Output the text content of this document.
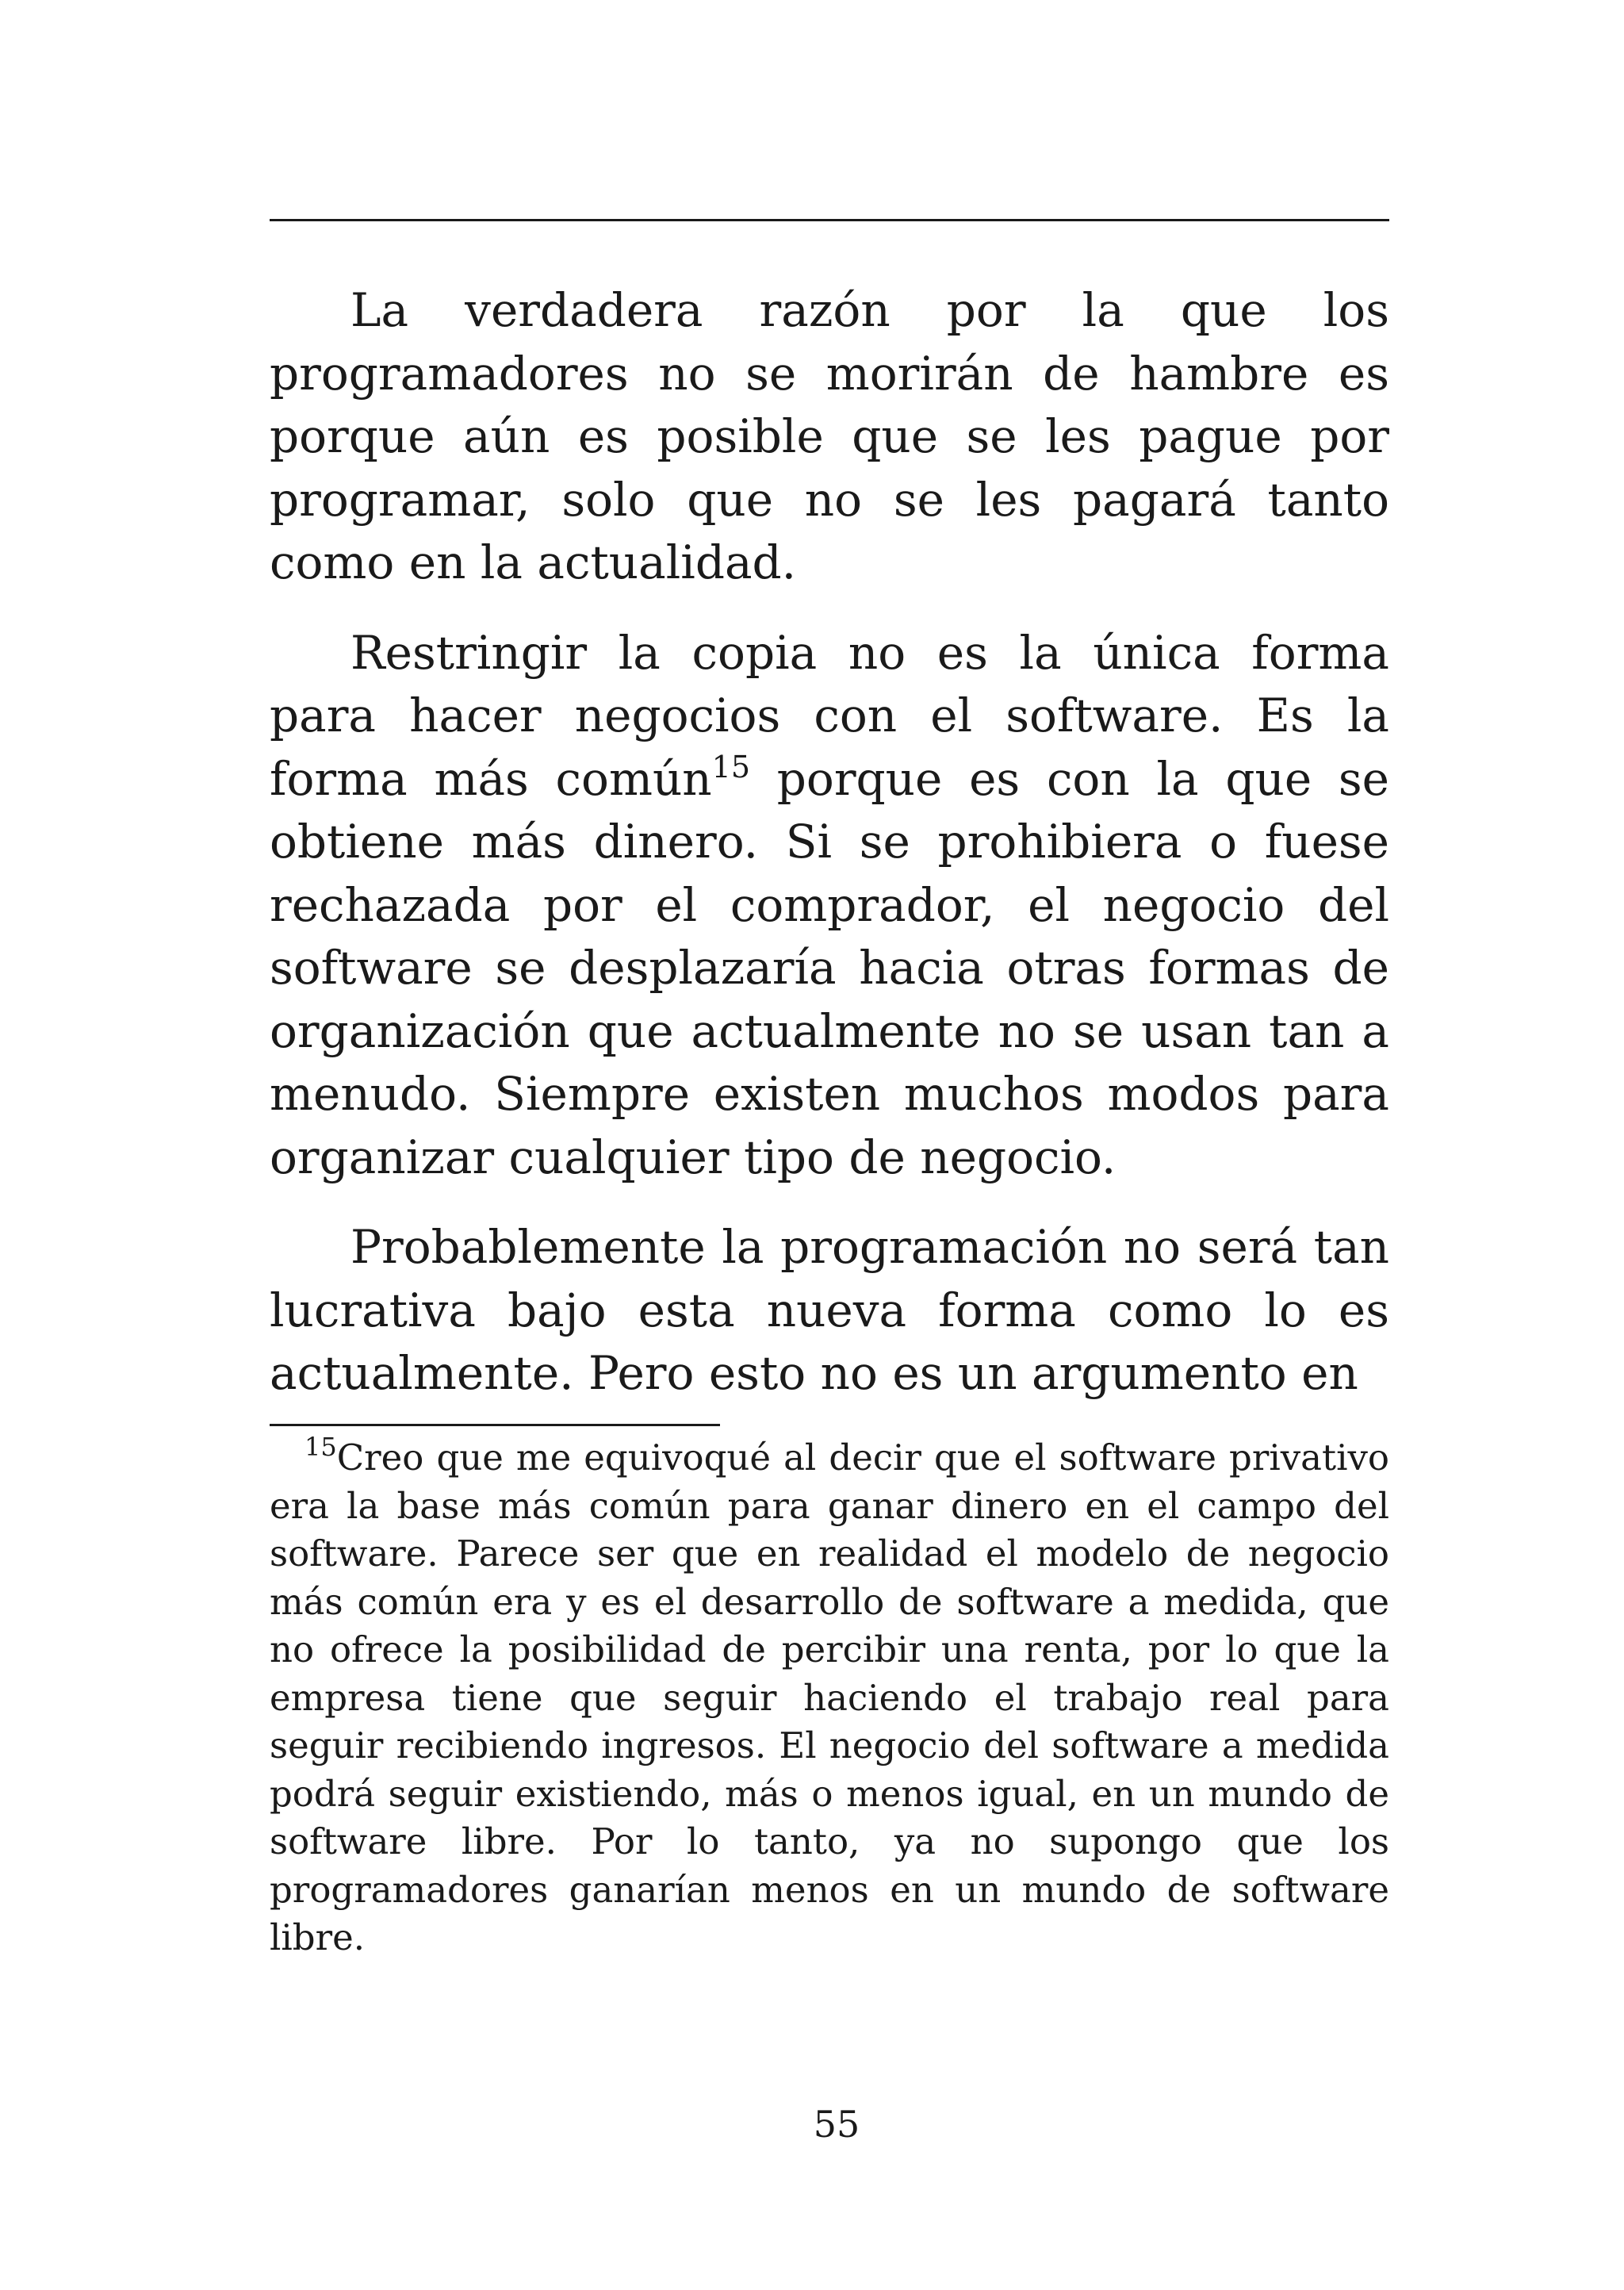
La verdadera razón por la que los programadores no se morirán de hambre es porque aún es posible que se les pague por programar, solo que no se les pagará tanto como en la actualidad.

Restringir la copia no es la única forma para hacer negocios con el software. Es la forma más común$^{15}$ porque es con la que se obtiene más dinero. Si se prohibiera o fuese rechazada por el comprador, el negocio del software se desplazaría hacia otras formas de organización que actualmente no se usan tan a menudo. Siempre existen muchos modos para organizar cualquier tipo de negocio.

Probablemente la programación no será tan lucrativa bajo esta nueva forma como lo es actualmente. Pero esto no es un argumento en

$^{15}$Creo que me equivoqué al decir que el software privativo era la base más común para ganar dinero en el campo del software. Parece ser que en realidad el modelo de negocio más común era y es el desarrollo de software a medida, que no ofrece la posibilidad de percibir una renta, por lo que la empresa tiene que seguir haciendo el trabajo real para seguir recibiendo ingresos. El negocio del software a medida podrá seguir existiendo, más o menos igual, en un mundo de software libre. Por lo tanto, ya no supongo que los programadores ganarían menos en un mundo de software libre.

55
